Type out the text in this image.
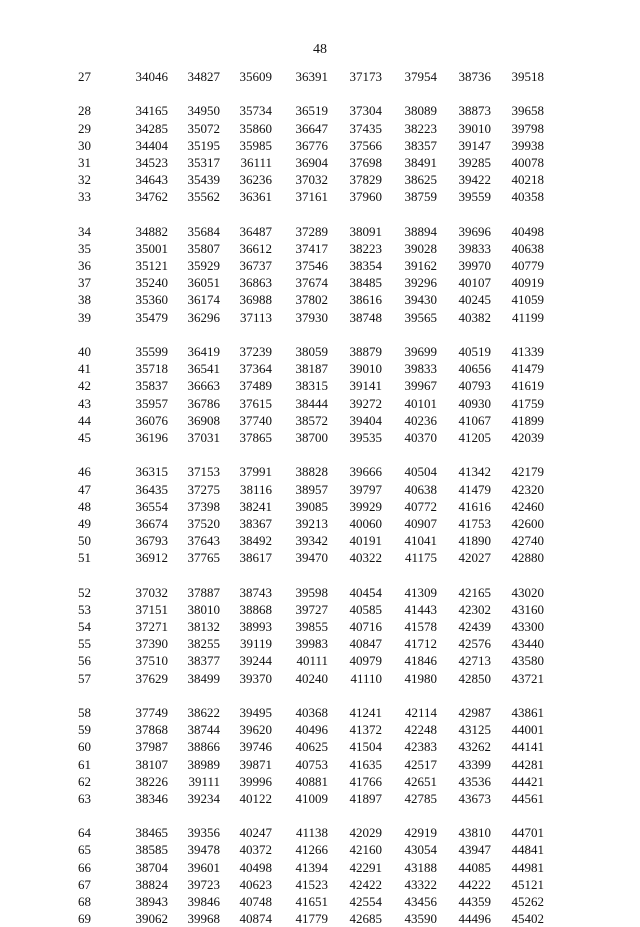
48
27	34046	34827	35609	36391	37173	37954	38736	39518
28	34165	34950	35734	36519	37304	38089	38873	39658
29	34285	35072	35860	36647	37435	38223	39010	39798
30	34404	35195	35985	36776	37566	38357	39147	39938
31	34523	35317	36111	36904	37698	38491	39285	40078
32	34643	35439	36236	37032	37829	38625	39422	40218
33	34762	35562	36361	37161	37960	38759	39559	40358
34	34882	35684	36487	37289	38091	38894	39696	40498
35	35001	35807	36612	37417	38223	39028	39833	40638
36	35121	35929	36737	37546	38354	39162	39970	40779
37	35240	36051	36863	37674	38485	39296	40107	40919
38	35360	36174	36988	37802	38616	39430	40245	41059
39	35479	36296	37113	37930	38748	39565	40382	41199
40	35599	36419	37239	38059	38879	39699	40519	41339
41	35718	36541	37364	38187	39010	39833	40656	41479
42	35837	36663	37489	38315	39141	39967	40793	41619
43	35957	36786	37615	38444	39272	40101	40930	41759
44	36076	36908	37740	38572	39404	40236	41067	41899
45	36196	37031	37865	38700	39535	40370	41205	42039
46	36315	37153	37991	38828	39666	40504	41342	42179
47	36435	37275	38116	38957	39797	40638	41479	42320
48	36554	37398	38241	39085	39929	40772	41616	42460
49	36674	37520	38367	39213	40060	40907	41753	42600
50	36793	37643	38492	39342	40191	41041	41890	42740
51	36912	37765	38617	39470	40322	41175	42027	42880
52	37032	37887	38743	39598	40454	41309	42165	43020
53	37151	38010	38868	39727	40585	41443	42302	43160
54	37271	38132	38993	39855	40716	41578	42439	43300
55	37390	38255	39119	39983	40847	41712	42576	43440
56	37510	38377	39244	40111	40979	41846	42713	43580
57	37629	38499	39370	40240	41110	41980	42850	43721
58	37749	38622	39495	40368	41241	42114	42987	43861
59	37868	38744	39620	40496	41372	42248	43125	44001
60	37987	38866	39746	40625	41504	42383	43262	44141
61	38107	38989	39871	40753	41635	42517	43399	44281
62	38226	39111	39996	40881	41766	42651	43536	44421
63	38346	39234	40122	41009	41897	42785	43673	44561
64	38465	39356	40247	41138	42029	42919	43810	44701
65	38585	39478	40372	41266	42160	43054	43947	44841
66	38704	39601	40498	41394	42291	43188	44085	44981
67	38824	39723	40623	41523	42422	43322	44222	45121
68	38943	39846	40748	41651	42554	43456	44359	45262
69	39062	39968	40874	41779	42685	43590	44496	45402
